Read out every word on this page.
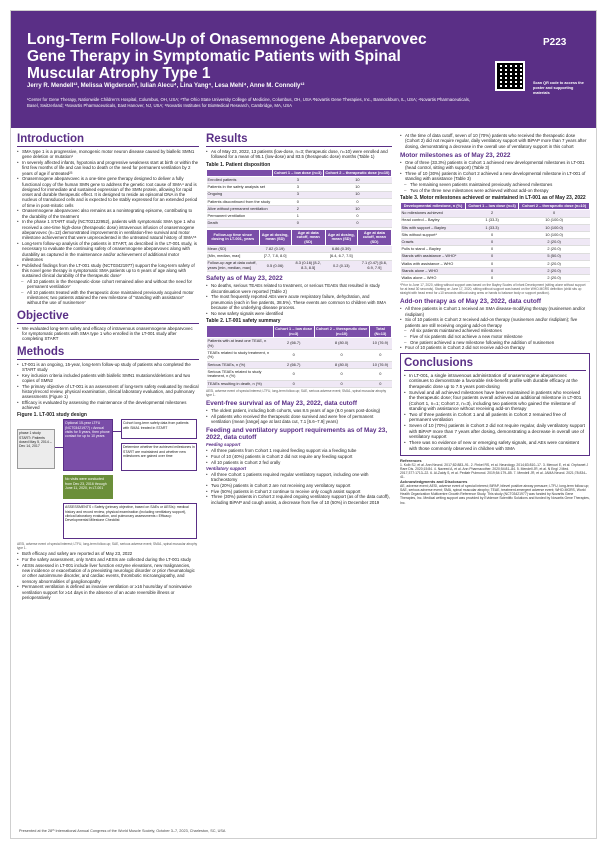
Long-Term Follow-Up of Onasemnogene Abeparvovec Gene Therapy in Symptomatic Patients with Spinal Muscular Atrophy Type 1
Jerry R. Mendell¹², Melissa Wigderson³, Iulian Alecu⁴, Lina Yang⁴, Lesa Mehl⁴, Anne M. Connolly¹²
¹Center for Gene Therapy, Nationwide Children's Hospital, Columbus, OH, USA; ²The Ohio State University College of Medicine, Columbus, OH, USA ³Novartis Gene Therapies, Inc., Bannockburn, IL, USA; ⁴Novartis Pharmaceuticals, Basel, Switzerland; ⁵Novartis Pharmaceuticals, East Hanover, NJ, USA; ⁶Novartis Institutes for BioMedical Research, Cambridge, MA, USA
P223
Scan QR code to access the poster and supporting materials
Introduction
• SMA type 1 is a progressive, monogenic motor neuron disease caused by biallelic SMN1 gene deletion or mutation¹
• In severely affected infants, hypotonia and progressive weakness start at birth or within the first few months of life and can lead to death or the need for permanent ventilation by 2 years of age if untreated²³
• Onasemnogene abeparvovec is a one-time gene therapy designed to deliver a fully functional copy of the human SMN gene to address the genetic root cause of SMA⁴ and is designed for immediate and sustained expression of the SMN protein, allowing for rapid onset and durable therapeutic effect. It is designed to reside as episomal DNA in the nucleus of transduced cells and is expected to be stably expressed for an extended period of time in post-mitotic cells
• Onasemnogene abeparvovec also remains as a nonintegrating episome, contributing to the durability of the treatment
• In the phase 1 START study (NCT02122952), patients with symptomatic SMA type 1 who received a one-time high-dose (therapeutic dose) intravenous infusion of onasemnogene abeparvovec (n=12) demonstrated improvements in ventilation-free survival and motor milestone achievement that were unprecedented in the untreated natural history of SMA⁵⁶
• Long-term follow-up analysis of the patients in START, as described in the LT-001 study, is necessary to evaluate the continuing safety of onasemnogene abeparvovec along with durability as captured in the maintenance and/or achievement of additional motor milestones
• Published findings from the LT-001 study (NCT03421977) support the long-term safety of this novel gene therapy in symptomatic SMA patients up to 6 years of age along with sustained clinical durability of the therapeutic dose⁷
– All 10 patients in the therapeutic-dose cohort remained alive and without the need for permanent ventilation⁷
– All 10 patients treated with the therapeutic dose maintained previously acquired motor milestones; two patients attained the new milestone of "standing with assistance" without the use of nusinersen⁷
Objective
• We evaluated long-term safety and efficacy of intravenous onasemnogene abeparvovec for symptomatic patients with SMA type 1 who enrolled in the LT-001 study after completing START
Methods
• LT-001 is an ongoing, 15-year, long-term follow-up study of patients who completed the START study
• Key inclusion criteria included patients with biallelic SMN1 mutations/deletions and two copies of SMN2
• The primary objective of LT-001 is an assessment of long-term safety evaluated by medical history/record review, physical examination, clinical laboratory evaluation, and pulmonary assessments (Figure 1)
• Efficacy is evaluated by assessing the maintenance of the developmental milestones achieved
Figure 1. LT-001 study design
phase 1 study START¹ Patients dosed May 5, 2014 – Dec 14, 2017
Optional 15-year LTFU (NCT03421977) • Annual visits for 5 years, then phone contact for up to 10 years
Cohort long-term safety data from patients with SMA1 treated in START
Determine whether the achieved milestones in START are maintained and whether new milestones are gained over time
No visits were conducted from Dec 23, 2016 through June 11, 2020, in LT-001
ASSESSMENTS • Safety (primary objective, based on SAEs or AESIs): medical history and record review, physical examination (including ventilatory support), clinical laboratory evaluation, and pulmonary assessments • Efficacy: Developmental Milestone Checklist
AESI, adverse event of special interest; LTFU, long-term follow-up; SAE, serious adverse event; SMA1, spinal muscular atrophy type 1.
• Both efficacy and safety are reported as of May 23, 2022
• For the safety assessment, only SAEs and AESIs are collected during the LT-001 study
• AESIs assessed in LT-001 include liver function enzyme elevations, new malignancies, new incidence or exacerbation of a preexisting neurologic disorder or prior rheumatologic or other autoimmune disorder, and cardiac events, thrombotic microangiopathy, and sensory abnormalities of ganglionopathy
• Permanent ventilation is defined as invasive ventilation or ≥16 hours/day of noninvasive ventilation support for ≥14 days in the absence of an acute reversible illness or perioperatively
Results
• As of May 23, 2022, 13 patients (low-dose, n=3; therapeutic dose, n=10) were enrolled and followed for a mean of 95.1 (low-dose) and 83.5 (therapeutic dose) months (Table 1)
Table 1. Patient disposition
	Cohort 1 – low dose (n=3)	Cohort 2 – therapeutic dose (n=10)
Enrolled patients	3	10
Patients in the safety analysis set	3	10
Ongoing	3	10
Patients discontinued from the study	0	0
Alive without permanent ventilation	2	10
Permanent ventilation	1	0
Death	0	0
Follow-up time since dosing in LT-001, years	Age at dosing, mean (SD)	Age at data cutoff, mean (SD)	Age at dosing, mean (SD)	Age at data cutoff, mean (SD)
Mean (SD)	7.82 (0.19)		6.86 (0.39)	
[Min, median, max]	[7.7, 7.8, 8.0]		[6.4, 6.7, 7.5]	
Follow-up age at data cutoff, years [min, median, max]	0.5 (0.06)	8.3 (0.16) [8.2, 8.3, 8.5]	0.2 (0.13)	7.1 (0.47) [6.6, 6.9, 7.9]
Safety as of May 23, 2022
• No deaths, serious TEAEs related to treatment, or serious TEAEs that resulted in study discontinuation were reported (Table 2)
• The most frequently reported AEs were acute respiratory failure, dehydration, and pneumonia (each in five patients, 38.5%). These events are common to children with SMA because of the underlying disease process.
• No new safety signals were identified
Table 2. LT-001 safety summary
	Cohort 1 – low dose (n=3)	Cohort 2 – therapeutic dose (n=10)	Total (N=13)
Patients with at least one TEAE, n (%)	2 (66.7)	8 (80.0)	10 (76.9)
TEAEs related to study treatment, n (%)	0	0	0
Serious TEAEs, n (%)	2 (66.7)	8 (80.0)	10 (76.9)
Serious TEAEs related to study treatment, n (%)	0	0	0
TEAEs resulting in death, n (%)	0	0	0
AESI, adverse event of special interest; LTFU, long-term follow-up; SAE, serious adverse event; SMA1, spinal muscular atrophy type 1.
Event-free survival as of May 23, 2022, data cutoff
• The oldest patient, including both cohorts, was 8.5 years of age (8.0 years post-dosing)
• All patients who received the therapeutic dose survived and were free of permanent ventilation (mean [range] age at last data cut, 7.1 [6.6–7.9] years)
Feeding and ventilatory support requirements as of May 23, 2022, data cutoff
Feeding support
• All three patients from Cohort 1 required feeding support via a feeding tube
• Four of 10 (40%) patients in Cohort 2 did not require any feeding support
• All 10 patients in Cohort 2 fed orally
Ventilatory support
• All three Cohort 1 patients required regular ventilatory support, including one with tracheostomy
• Two (20%) patients in Cohort 2 are not receiving any ventilatory support
• Five (50%) patients in Cohort 2 continue to receive only cough assist support
• Three (30%) patients in Cohort 2 required ongoing ventilatory support (as of the data cutoff), including BiPAP and cough assist, a decrease from five of 10 (50%) in December 2019
• At the time of data cutoff, seven of 10 (70%) patients who received the therapeutic dose (Cohort 2) did not require regular, daily ventilatory support with BiPAP more than 7 years after dosing, demonstrating a decrease in the overall use of ventilatory support in this cohort
Motor milestones as of May 23, 2022
• One of three (33.3%) patients in Cohort 1 achieved new developmental milestones in LT-001 (head control, sitting with support) (Table 3)
• Three of 10 (30%) patients in Cohort 2 achieved a new developmental milestone in LT-001 of standing with assistance (Table 3)
– The remaining seven patients maintained previously achieved milestones
– Two of the three new milestones were achieved without add-on therapy
Table 3. Motor milestones achieved or maintained in LT-001 as of May 23, 2022
Developmental milestone, n (%)	Cohort 1 – low dose (n=3)	Cohort 2 – therapeutic dose (n=10)
No milestones achieved	2	0
Head control – Bayley	1 (33.3)	10 (100.0)
Sits with support – Bayley	1 (33.3)	10 (100.0)
Sits without support*	0	10 (100.0)
Crawls	0	2 (20.0)
Pulls to stand – Bayley	0	2 (20.0)
Stands with assistance – WHO*	0	5 (50.0)
Walks with assistance – WHO	0	2 (20.0)
Stands alone – WHO	0	2 (20.0)
Walks alone – WHO	0	2 (20.0)
*Prior to June 17, 2020, sitting without support was based on the Bayley Scales of Infant Development (sitting alone without support for at least 30 seconds). Starting on June 17, 2020, sitting without support was based on the WHO-MGRS definition (child sits up straight with head erect for ≥10 seconds without using arms or hands to balance body or support position).
Add-on therapy as of May 23, 2022, data cutoff
• All three patients in Cohort 1 received an SMA disease-modifying therapy (nusinersen and/or risdiplam)
• Six of 10 patients in Cohort 2 received add-on therapy (nusinersen and/or risdiplam); five patients are still receiving ongoing add-on therapy
– All six patients maintained achieved milestones
– Five of six patients did not achieve a new motor milestone
– One patient achieved a new milestone following the addition of nusinersen
• Four of 10 patients in Cohort 2 did not receive add-on therapy
Conclusions
• In LT-001, a single intravenous administration of onasemnogene abeparvovec continues to demonstrate a favorable risk-benefit profile with durable efficacy at the therapeutic dose up to 7.5 years post-dosing
• Survival and all achieved milestones have been maintained in patients who received the therapeutic dose; four patients overall achieved an additional milestone in LT-001 (Cohort 1, n=1; Cohort 2, n=3), including two patients who gained the milestone of standing with assistance without receiving add-on therapy
• Two of three patients in Cohort 1 and all patients in Cohort 2 remained free of permanent ventilation
• Seven of 10 (70%) patients in Cohort 2 did not require regular, daily ventilatory support with BiPAP more than 7 years after dosing, demonstrating a decrease in overall use of ventilatory support
• There was no evidence of new or emerging safety signals, and AEs were consistent with those commonly observed in children with SMA
References
1. Kolb SJ, et al. Ann Neurol. 2017;82:883–91. 2. Finkel RS, et al. Neurology. 2014;83:810–17. 3. Mercuri E, et al. Orphanet J Rare Dis. 2020;15:84. 4. Naveed A, et al. Ann Pharmacother. 2020;54:81–84. 5. Mendell JR, et al. N Engl J Med. 2017;377:1713–22. 6. Al-Zaidy S, et al. Pediatr Pulmonol. 2019;54:179–85. 7. Mendell JR, et al. JAMA Neurol. 2021;78:834–41.
Acknowledgments and Disclosures
AE, adverse event; AESI, adverse event of special interest; BiPAP, bilevel positive airway pressure; LTFU, long-term follow-up; SAE, serious adverse event; SMA, spinal muscular atrophy; TEAE, treatment-emergent adverse event; WHO-MGRS, World Health Organization Multicentre Growth Reference Study. This study (NCT03421977) was funded by Novartis Gene Therapies, Inc. Medical writing support was provided by Evidence Scientific Solutions and funded by Novartis Gene Therapies, Inc.
Presented at the 28ᵗʰ International Annual Congress of the World Muscle Society, October 3–7, 2023, Charleston, SC, USA
